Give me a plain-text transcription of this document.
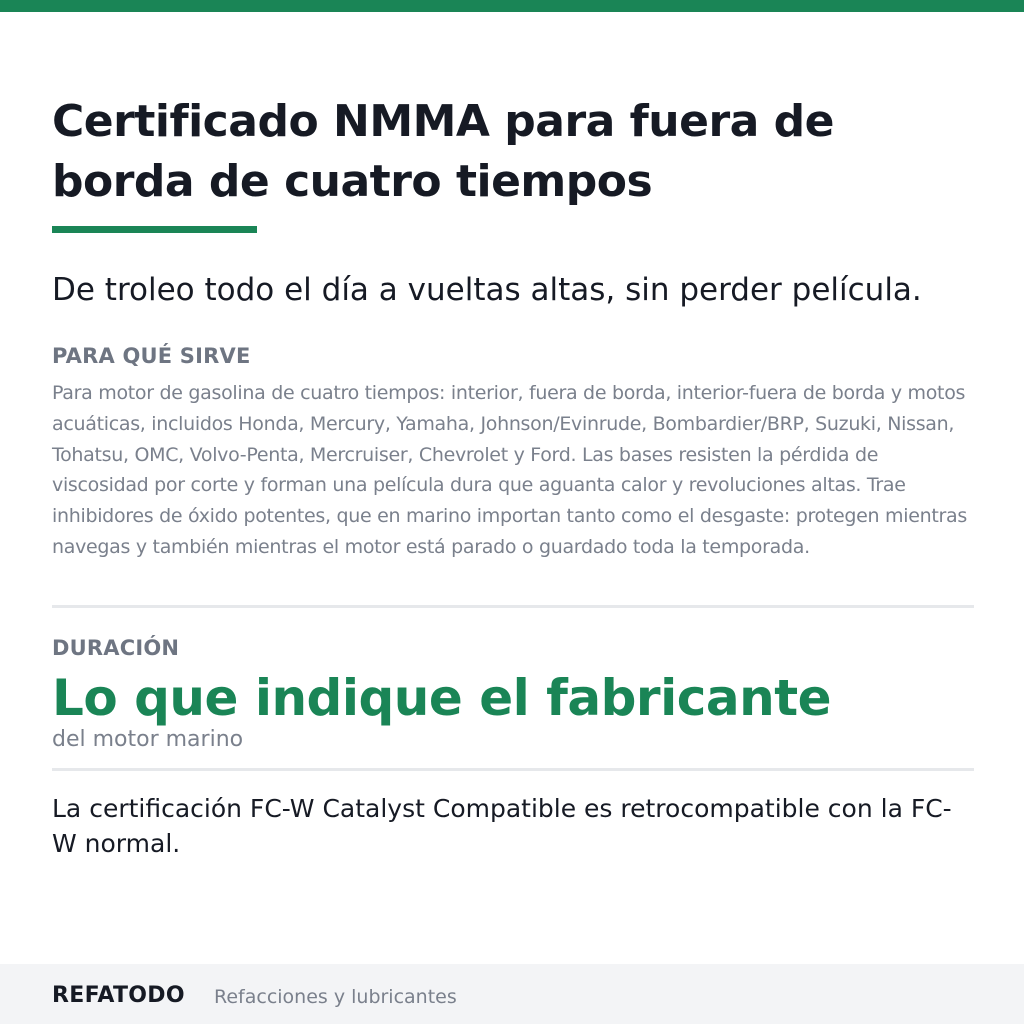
Certificado NMMA para fuera de borda de cuatro tiempos

De troleo todo el día a vueltas altas, sin perder película.

PARA QUÉ SIRVE

Para motor de gasolina de cuatro tiempos: interior, fuera de borda, interior-fuera de borda y motos acuáticas, incluidos Honda, Mercury, Yamaha, Johnson/Evinrude, Bombardier/BRP, Suzuki, Nissan, Tohatsu, OMC, Volvo-Penta, Mercruiser, Chevrolet y Ford. Las bases resisten la pérdida de viscosidad por corte y forman una película dura que aguanta calor y revoluciones altas. Trae inhibidores de óxido potentes, que en marino importan tanto como el desgaste: protegen mientras navegas y también mientras el motor está parado o guardado toda la temporada.

DURACIÓN

Lo que indique el fabricante

del motor marino

La certificación FC-W Catalyst Compatible es retrocompatible con la FC-W normal.

REFATODO Refacciones y lubricantes
